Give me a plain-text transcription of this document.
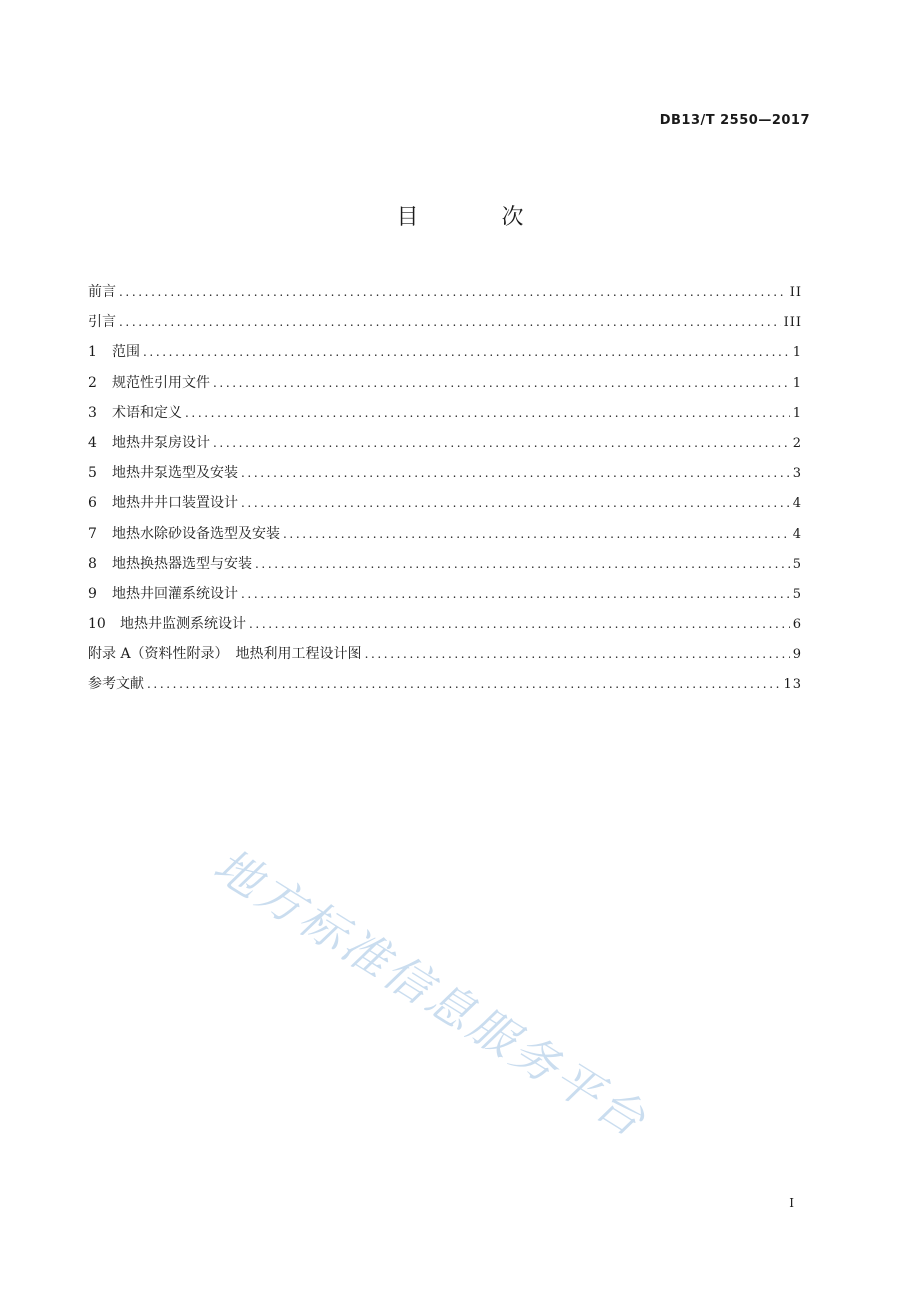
DB13/T 2550—2017
目 次
前言 .....	II
引言 .....	III
1	范围 .....	1
2	规范性引用文件 .....	1
3	术语和定义 .....	1
4	地热井泵房设计 .....	2
5	地热井泵选型及安装 .....	3
6	地热井井口装置设计 .....	4
7	地热水除砂设备选型及安装 .....	4
8	地热换热器选型与安装 .....	5
9	地热井回灌系统设计 .....	5
10	地热井监测系统设计 .....	6
附录 A（资料性附录）　地热利用工程设计图 .....	9
参考文献 .....	13
地方标准信息服务平台
I
